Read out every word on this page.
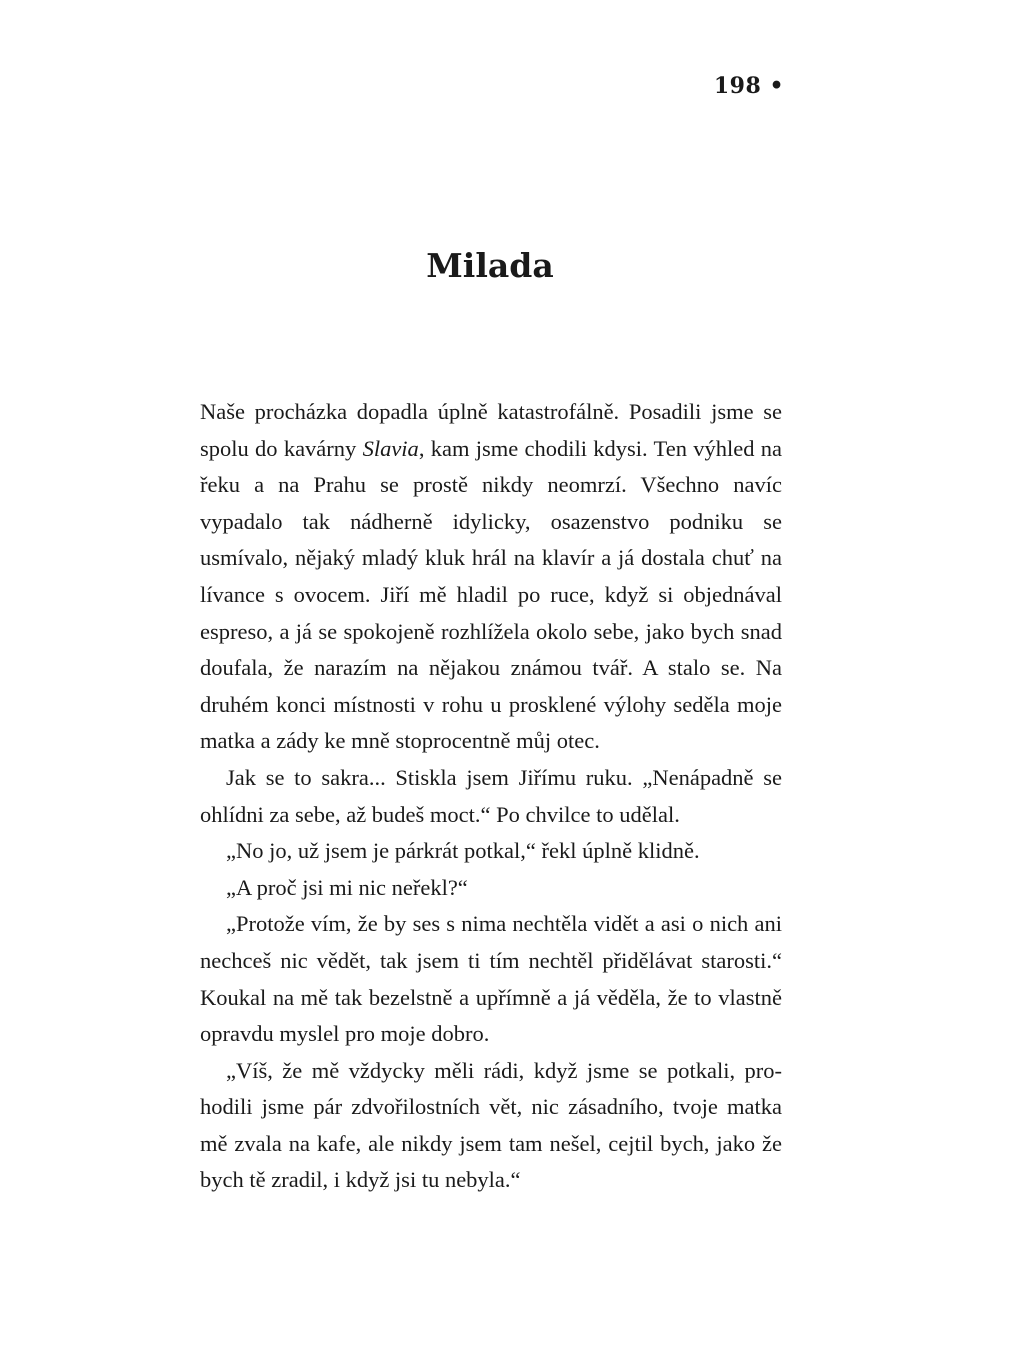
198 •
Milada

Naše procházka dopadla úplně katastrofálně. Posadili jsme se spolu do kavárny Slavia, kam jsme chodili kdysi. Ten výhled na řeku a na Prahu se prostě nikdy neomrzí. Všechno navíc vypadalo tak nádherně idylicky, osazenstvo podniku se usmívalo, nějaký mladý kluk hrál na klavír a já dostala chuť na lívance s ovocem. Jiří mě hladil po ruce, když si objednával espreso, a já se spokojeně rozhlížela okolo sebe, jako bych snad doufala, že narazím na nějakou známou tvář. A stalo se. Na druhém konci místnosti v rohu u prosklené výlohy seděla moje matka a zády ke mně stoprocentně můj otec.

Jak se to sakra... Stiskla jsem Jiřímu ruku. „Nenápadně se ohlídni za sebe, až budeš moct.“ Po chvilce to udělal.

„No jo, už jsem je párkrát potkal,“ řekl úplně klidně.

„A proč jsi mi nic neřekl?“

„Protože vím, že by ses s nima nechtěla vidět a asi o nich ani nechceš nic vědět, tak jsem ti tím nechtěl přidělávat starosti.“ Koukal na mě tak bezelstně a upřímně a já věděla, že to vlastně opravdu myslel pro moje dobro.

„Víš, že mě vždycky měli rádi, když jsme se potkali, prohodili jsme pár zdvořilostních vět, nic zásadního, tvoje matka mě zvala na kafe, ale nikdy jsem tam nešel, cejtil bych, jako že bych tě zradil, i když jsi tu nebyla.“
